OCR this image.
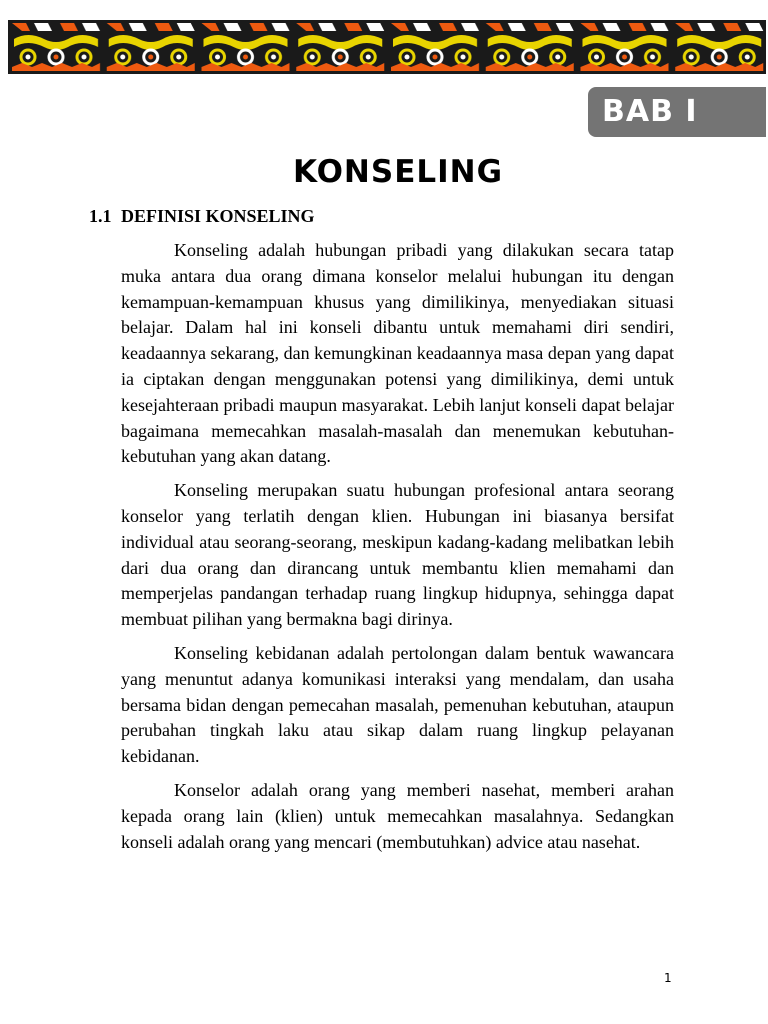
BAB I
KONSELING
1.1 DEFINISI KONSELING

Konseling adalah hubungan pribadi yang dilakukan secara tatap muka antara dua orang dimana konselor melalui hubungan itu dengan kemampuan-kemampuan khusus yang dimilikinya, menyediakan situasi belajar. Dalam hal ini konseli dibantu untuk memahami diri sendiri, keadaannya sekarang, dan kemungkinan keadaannya masa depan yang dapat ia ciptakan dengan menggunakan potensi yang dimilikinya, demi untuk kesejahteraan pribadi maupun masyarakat. Lebih lanjut konseli dapat belajar bagaimana memecahkan masalah-masalah dan menemukan kebutuhan-kebutuhan yang akan datang.

Konseling merupakan suatu hubungan profesional antara seorang konselor yang terlatih dengan klien. Hubungan ini biasanya bersifat individual atau seorang-seorang, meskipun kadang-kadang melibatkan lebih dari dua orang dan dirancang untuk membantu klien memahami dan memperjelas pandangan terhadap ruang lingkup hidupnya, sehingga dapat membuat pilihan yang bermakna bagi dirinya.

Konseling kebidanan adalah pertolongan dalam bentuk wawancara yang menuntut adanya komunikasi interaksi yang mendalam, dan usaha bersama bidan dengan pemecahan masalah, pemenuhan kebutuhan, ataupun perubahan tingkah laku atau sikap dalam ruang lingkup pelayanan kebidanan.

Konselor adalah orang yang memberi nasehat, memberi arahan kepada orang lain (klien) untuk memecahkan masalahnya. Sedangkan konseli adalah orang yang mencari (membutuhkan) advice atau nasehat.

1
